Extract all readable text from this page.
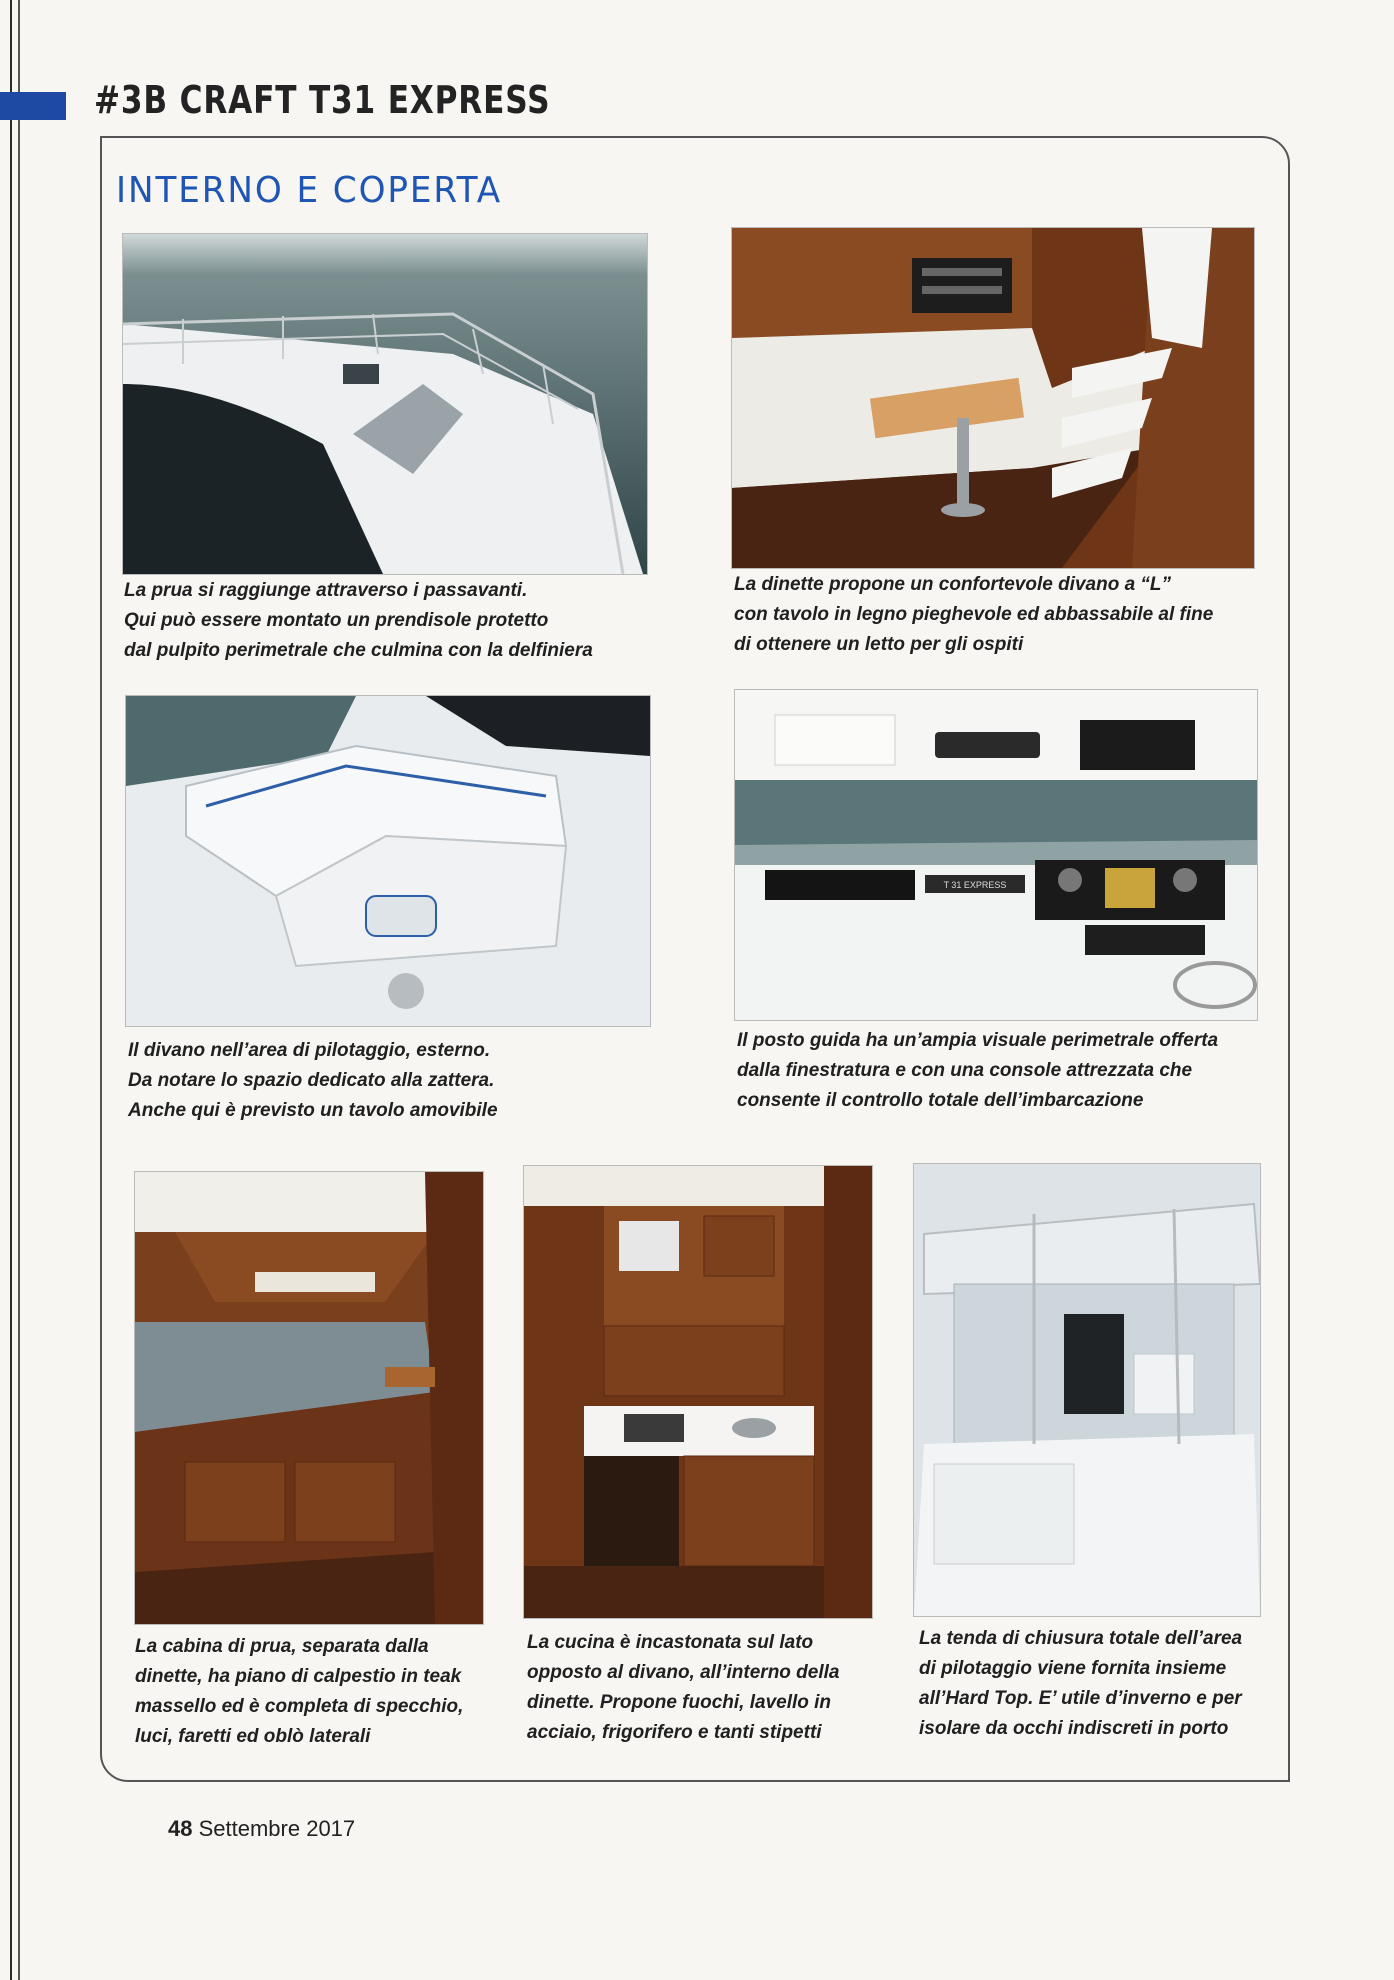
#3B CRAFT T31 EXPRESS
INTERNO E COPERTA
La prua si raggiunge attraverso i passavanti.
Qui può essere montato un prendisole protetto
dal pulpito perimetrale che culmina con la delfiniera
La dinette propone un confortevole divano a “L”
con tavolo in legno pieghevole ed abbassabile al fine
di ottenere un letto per gli ospiti
Il divano nell’area di pilotaggio, esterno.
Da notare lo spazio dedicato alla zattera.
Anche qui è previsto un tavolo amovibile
T 31 EXPRESS
Il posto guida ha un’ampia visuale perimetrale offerta
dalla finestratura e con una console attrezzata che
consente il controllo totale dell’imbarcazione
La cabina di prua, separata dalla
dinette, ha piano di calpestio in teak
massello ed è completa di specchio,
luci, faretti ed oblò laterali
La cucina è incastonata sul lato
opposto al divano, all’interno della
dinette. Propone fuochi, lavello in
acciaio, frigorifero e tanti stipetti
La tenda di chiusura totale dell’area
di pilotaggio viene fornita insieme
all’Hard Top. E’ utile d’inverno e per
isolare da occhi indiscreti in porto
48 Settembre 2017
